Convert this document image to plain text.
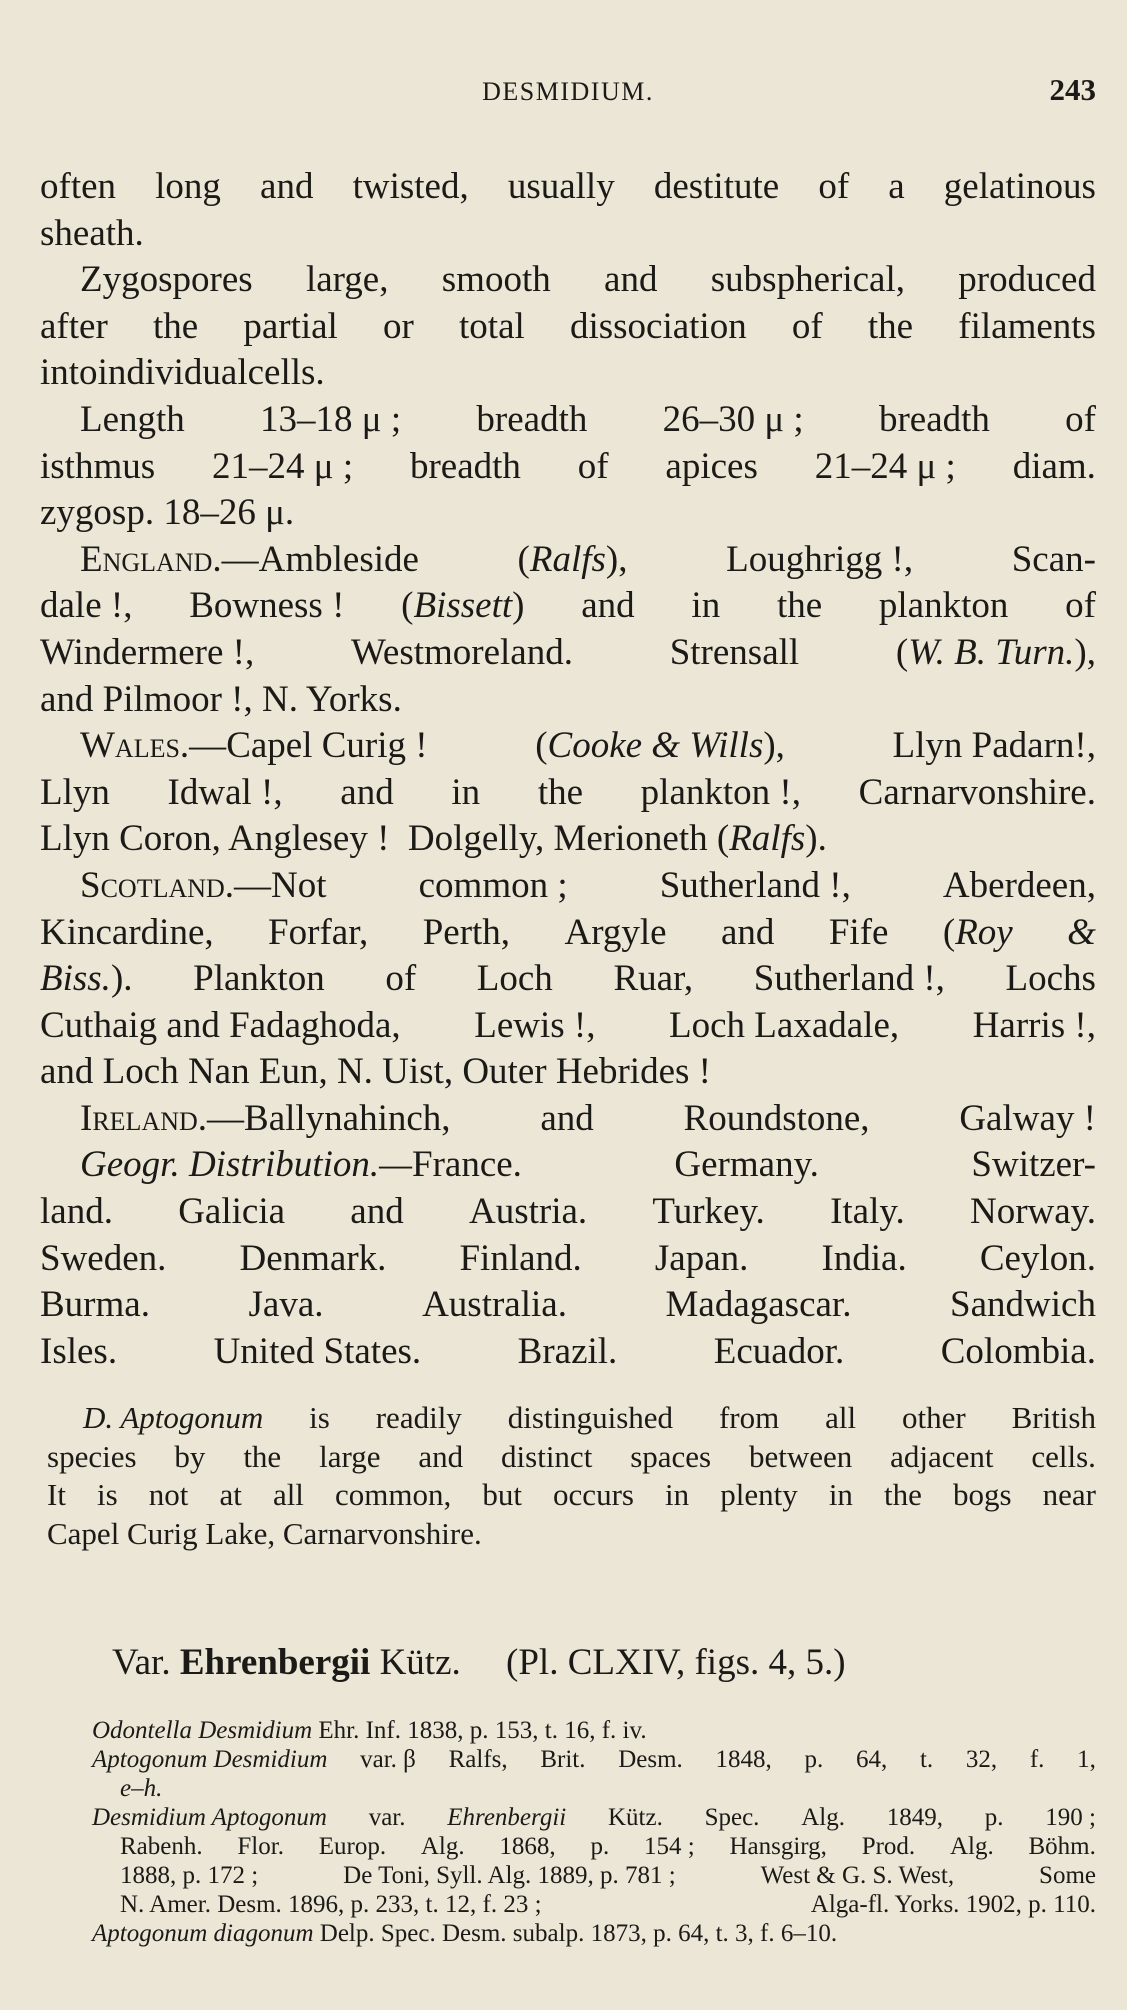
DESMIDIUM.	243
often long and twisted, usually destitute of a gelatinous
sheath.
Zygospores large, smooth and subspherical, produced
after the partial or total dissociation of the filaments
into individual cells.
Length 13–18 μ ; breadth 26–30 μ ; breadth of
isthmus 21–24 μ ; breadth of apices 21–24 μ ; diam.
zygosp. 18–26 μ.
England.—Ambleside	(Ralfs),	Loughrigg !,	Scan-
dale !, Bowness ! (Bissett) and in the plankton of
Windermere !,	Westmoreland.	Strensall	(W. B. Turn.),
and Pilmoor !, N. Yorks.
Wales.—Capel Curig !	(Cooke & Wills),	Llyn Padarn!,
Llyn Idwal !, and in the plankton !, Carnarvonshire.
Llyn Coron, Anglesey !  Dolgelly, Merioneth (Ralfs).
Scotland.—Not common ; Sutherland !, Aberdeen,
Kincardine, Forfar, Perth, Argyle and Fife (Roy &
Biss.). Plankton of Loch Ruar, Sutherland !, Lochs
Cuthaig and Fadaghoda, Lewis !, Loch Laxadale, Harris !,
and Loch Nan Eun, N. Uist, Outer Hebrides !
Ireland.—Ballynahinch, and Roundstone, Galway !
Geogr. Distribution.—France.	Germany.	Switzer-
land. Galicia and Austria. Turkey. Italy. Norway.
Sweden. Denmark. Finland. Japan. India. Ceylon.
Burma.	Java.	Australia.	Madagascar.	Sandwich
Isles.	United States.	Brazil.	Ecuador.	Colombia.
D. Aptogonum is readily distinguished from all other British
species by the large and distinct spaces between adjacent cells.
It is not at all common, but occurs in plenty in the bogs near
Capel Curig Lake, Carnarvonshire.
Var. Ehrenbergii Kütz. (Pl. CLXIV, figs. 4, 5.)
Odontella Desmidium
Ehr. Inf. 1838, p. 153, t. 16, f. iv.
Aptogonum Desmidium var. β Ralfs, Brit. Desm. 1848, p. 64, t. 32, f. 1,
e–h.
Desmidium Aptogonum var. Ehrenbergii Kütz. Spec. Alg. 1849, p. 190 ;
Rabenh. Flor. Europ. Alg. 1868, p. 154 ; Hansgirg, Prod. Alg. Böhm.
1888, p. 172 ;	De Toni, Syll. Alg. 1889, p. 781 ;	West & G. S. West,	Some
N. Amer. Desm. 1896, p. 233, t. 12, f. 23 ;	Alga-fl. Yorks. 1902, p. 110.
Aptogonum diagonum
Delp. Spec. Desm. subalp. 1873, p. 64, t. 3, f. 6–10.
